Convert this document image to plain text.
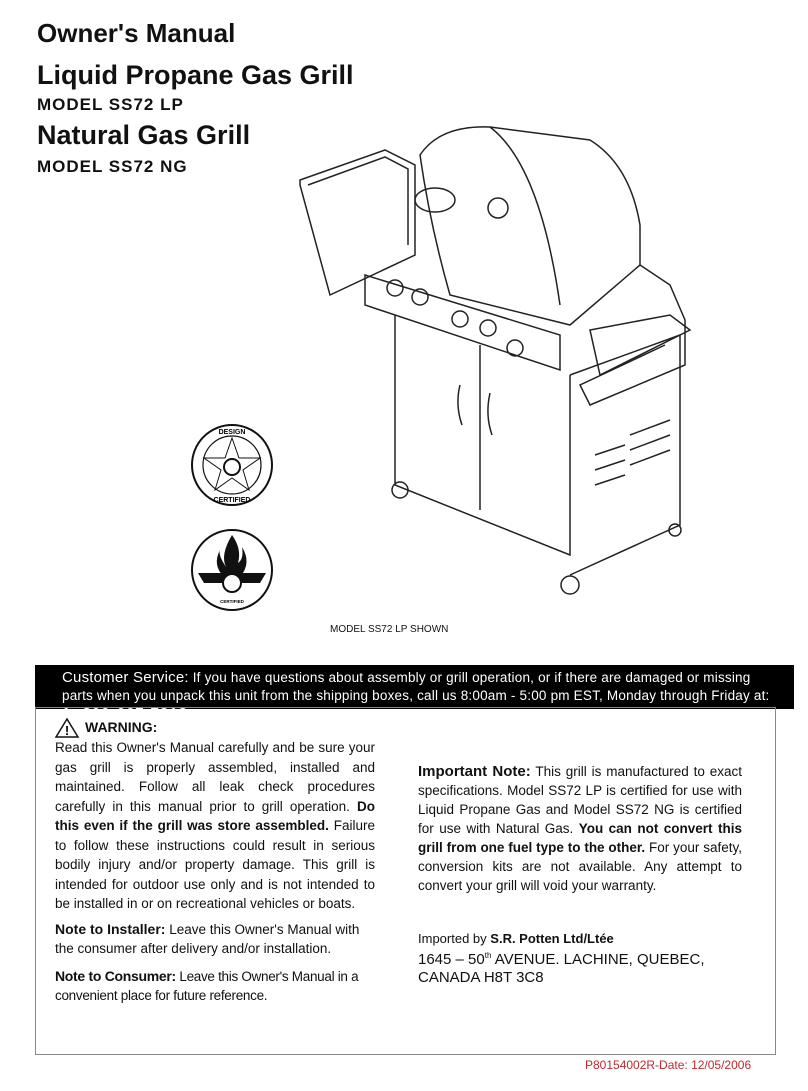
Owner's Manual
Liquid Propane Gas Grill
MODEL SS72 LP
Natural Gas Grill
MODEL SS72 NG
DESIGN
CERTIFIED
CERTIFIED
MODEL SS72 LP SHOWN
Customer Service: If you have questions about assembly or grill operation, or if there are damaged or missing parts when you unpack this unit from the shipping boxes, call us 8:00am - 5:00 pm EST, Monday through Friday at: 1- 800-667-7313
! WARNING:
Read this Owner's Manual carefully and be sure your gas grill is properly assembled, installed and maintained. Follow all leak check procedures carefully in this manual prior to grill operation. Do this even if the grill was store assembled. Failure to follow these instructions could result in serious bodily injury and/or property damage. This grill is intended for outdoor use only and is not intended to be installed in or on recreational vehicles or boats.
Note to Installer: Leave this Owner's Manual with the consumer after delivery and/or installation.
Note to Consumer: Leave this Owner's Manual in a convenient place for future reference.
Important Note: This grill is manufactured to exact specifications. Model SS72 LP is certified for use with Liquid Propane Gas and Model SS72 NG is certified for use with Natural Gas. You can not convert this grill from one fuel type to the other. For your safety, conversion kits are not available. Any attempt to convert your grill will void your warranty.
Imported by S.R. Potten Ltd/Ltée
1645 – 50th AVENUE. LACHINE, QUEBEC,
CANADA H8T 3C8
P80154002R-Date: 12/05/2006
